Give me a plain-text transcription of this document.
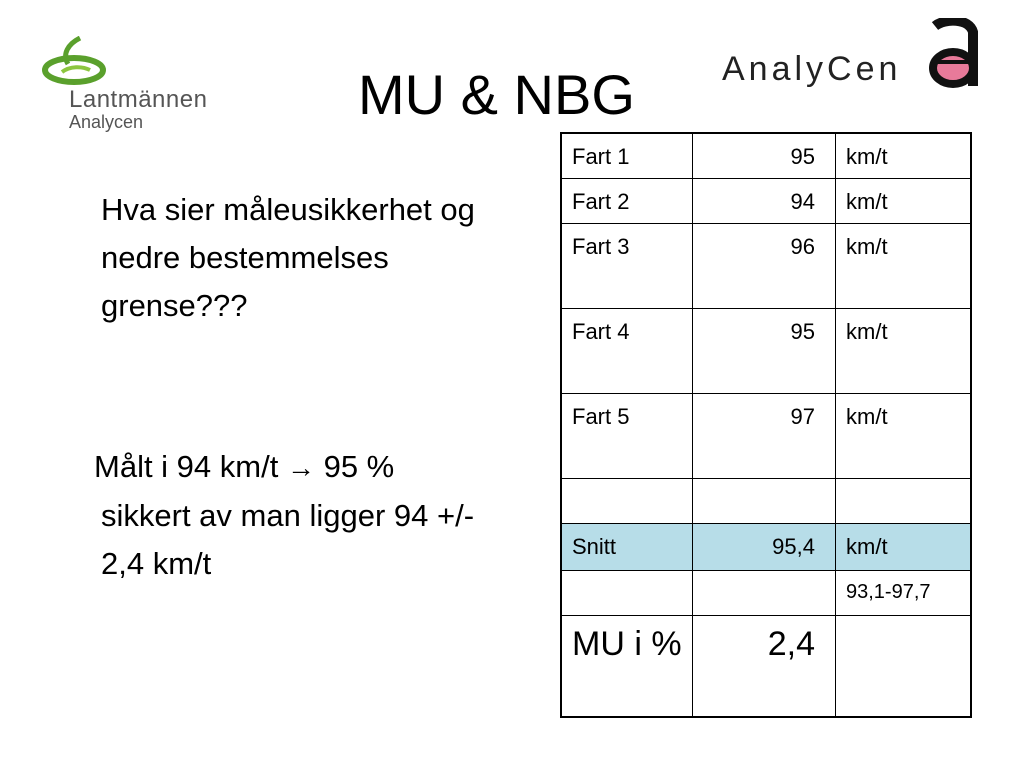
Lantmännen
Analycen	MU & NBG	AnalyCen
Hva sier måleusikkerhet og nedre bestemmelses grense???
Målt i 94 km/t → 95 %
sikkert av man ligger 94 +/- 2,4 km/t
Fart 1	95	km/t
Fart 2	94	km/t
Fart 3	96	km/t
Fart 4	95	km/t
Fart 5	97	km/t

Snitt	95,4	km/t
		93,1-97,7
MU i %	2,4	
